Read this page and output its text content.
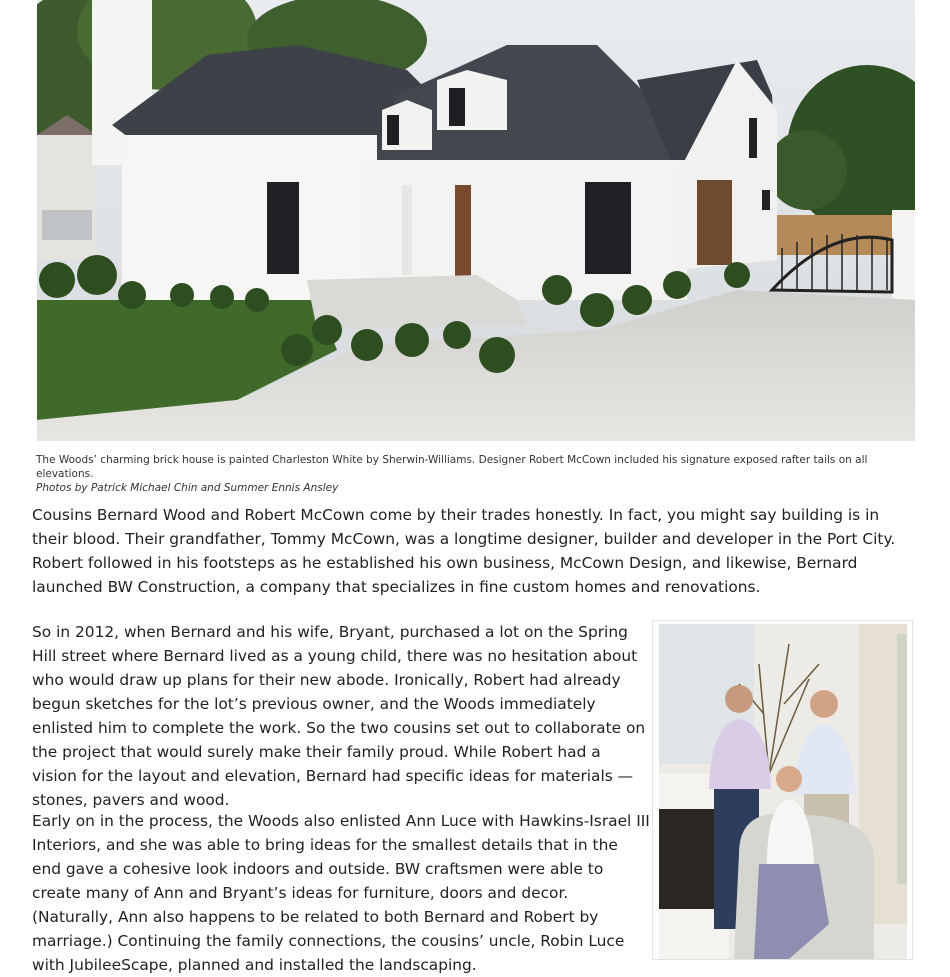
The Woods’ charming brick house is painted Charleston White by Sherwin-Williams. Designer Robert McCown included his signature exposed rafter tails on all elevations.
Photos by Patrick Michael Chin and Summer Ennis Ansley

Cousins Bernard Wood and Robert McCown come by their trades honestly. In fact, you might say building is in their blood. Their grandfather, Tommy McCown, was a longtime designer, builder and developer in the Port City. Robert followed in his footsteps as he established his own business, McCown Design, and likewise, Bernard launched BW Construction, a company that specializes in fine custom homes and renovations.

So in 2012, when Bernard and his wife, Bryant, purchased a lot on the Spring Hill street where Bernard lived as a young child, there was no hesitation about who would draw up plans for their new abode. Ironically, Robert had already begun sketches for the lot’s previous owner, and the Woods immediately enlisted him to complete the work. So the two cousins set out to collaborate on the project that would surely make their family proud. While Robert had a vision for the layout and elevation, Bernard had specific ideas for materials — stones, pavers and wood.

Early on in the process, the Woods also enlisted Ann Luce with Hawkins-Israel III Interiors, and she was able to bring ideas for the smallest details that in the end gave a cohesive look indoors and outside. BW craftsmen were able to create many of Ann and Bryant’s ideas for furniture, doors and decor. (Naturally, Ann also happens to be related to both Bernard and Robert by marriage.) Continuing the family connections, the cousins’ uncle, Robin Luce with JubileeScape, planned and installed the landscaping.
